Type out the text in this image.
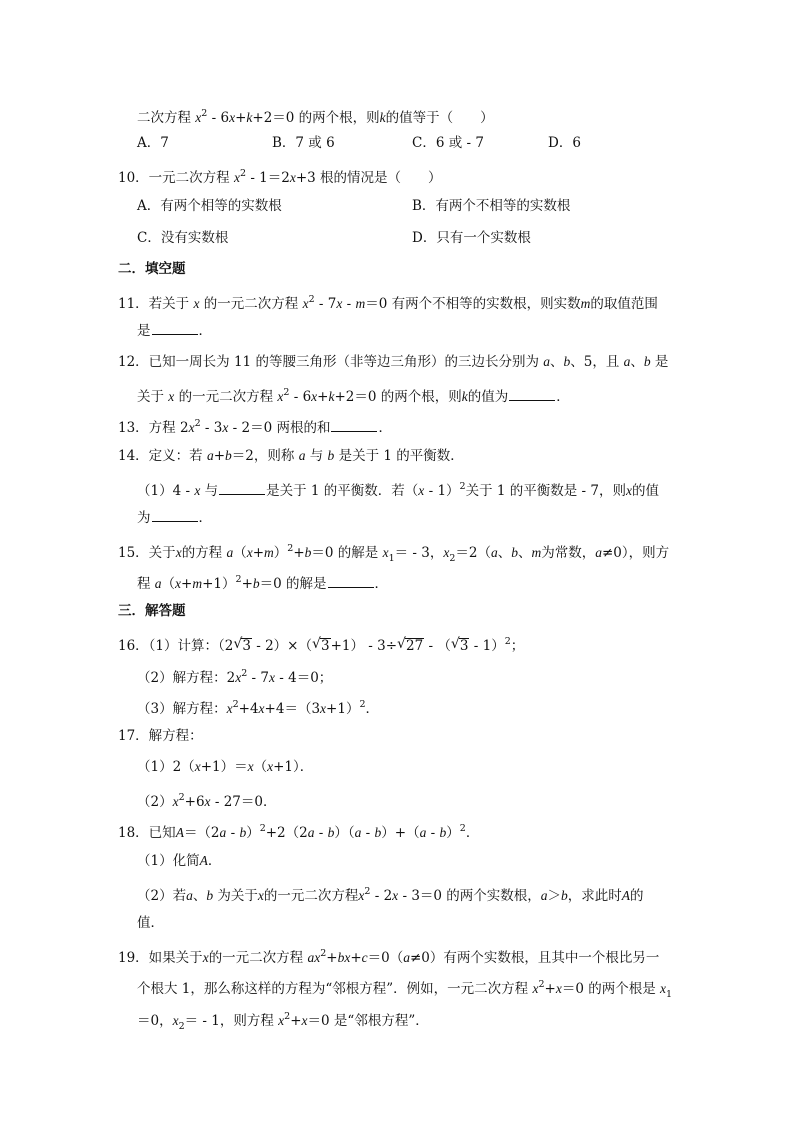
二次方程 $x^2 - 6x+k+2=0$ 的两个根，则k的值等于（　　）
A．7	B．7 或 6	C．6 或 - 7	D．6
10．一元二次方程 $x^2 - 1=2x+3$ 根的情况是（　　）
A．有两个相等的实数根	B．有两个不相等的实数根
C．没有实数根	D．只有一个实数根
二．填空题
11．若关于 x 的一元二次方程 $x^2 - 7x - m=0$ 有两个不相等的实数根，则实数m的取值范围
是	．
12．已知一周长为 11 的等腰三角形（非等边三角形）的三边长分别为 a、b、5，且 a、b 是
关于 x 的一元二次方程 $x^2 - 6x+k+2=0$ 的两个根，则k的值为	．
13．方程 $2x^2 - 3x - 2=0$ 两根的和	．
14．定义：若 a+b＝2，则称 a 与 b 是关于 1 的平衡数．
（1）4 - x 与	是关于 1 的平衡数．若（x - 1）$^2$关于 1 的平衡数是 - 7，则x的值
为	．
15．关于x的方程 $a(x+m)^2+b=0$ 的解是 $x_1= - 3$，$x_2=2(a$、b、m为常数，a≠0），则方
程 $a(x+m+1)^2+b=0$ 的解是	．
三．解答题
16．（1）计算：（2 √ 3 - 2）×（ √ 3+1） - 3÷ √ 27 - （ √ 3 - 1）$^2$；
（2）解方程：$2x^2 - 7x - 4=0$；
（3）解方程：$x^2+4x+4=(3x+1)^2$．
17．解方程：
（1）2（x+1）＝x（x+1）．
$(2)x^2+6x - 27=0$．
18．已知A＝（2a - b）$^2$+2（2a - b）（a - b）+（a - b）$^2$．
（1）化简A．
（2）若a、b 为关于x的一元二次方程$x^2 - 2x - 3=0$ 的两个实数根，a＞b，求此时A的
值．
19．如果关于x的一元二次方程 $ax^2+bx+c=0(a\ne 0)$有两个实数根，且其中一个根比另一
个根大 1，那么称这样的方程为“邻根方程”．例如，一元二次方程 $x^2+x=0$ 的两个根是 $x_1$
＝0，$x_2= - 1$，则方程 $x^2+x=0$ 是“邻根方程”．
